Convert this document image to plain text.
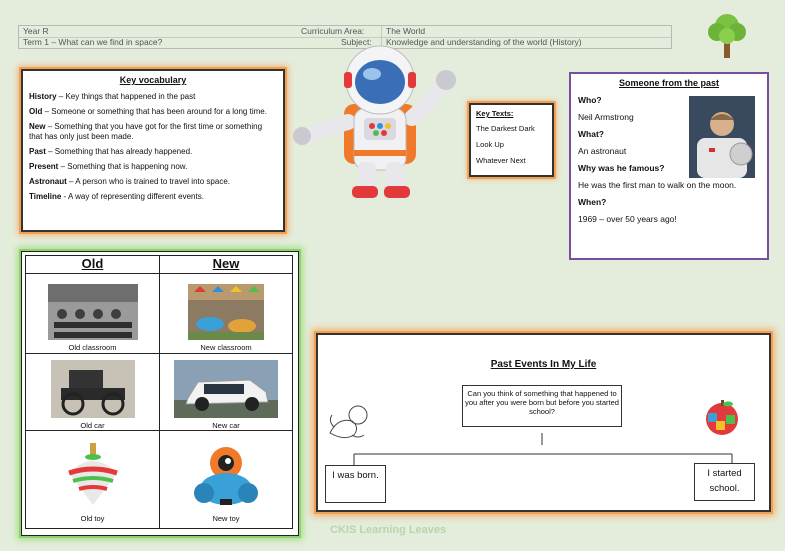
Year R	Curriculum Area:	The World
Term 1 – What can we find in space?	Subject: Knowledge and understanding of the world (History)
Key vocabulary

History – Key things that happened in the past

Old – Someone or something that has been around for a long time.

New – Something that you have got for the first time or something that has only just been made.

Past – Something that has already happened.

Present – Something that is happening now.

Astronaut – A person who is trained to travel into space.

Timeline - A way of representing different events.

Key Texts:

The Darkest Dark

Look Up

Whatever Next

Someone from the past
Who?
Neil Armstrong
What?
An astronaut
Why was he famous?
He was the first man to walk on the moon.
When?
1969 – over 50 years ago!
Old	New

Old classroom	New classroom

Old car	New car

Old toy	New toy
Past Events In My Life
Can you think of something that happened to you after you were born but before you started school?
I was born.	I started school.
CKIS Learning Leaves
